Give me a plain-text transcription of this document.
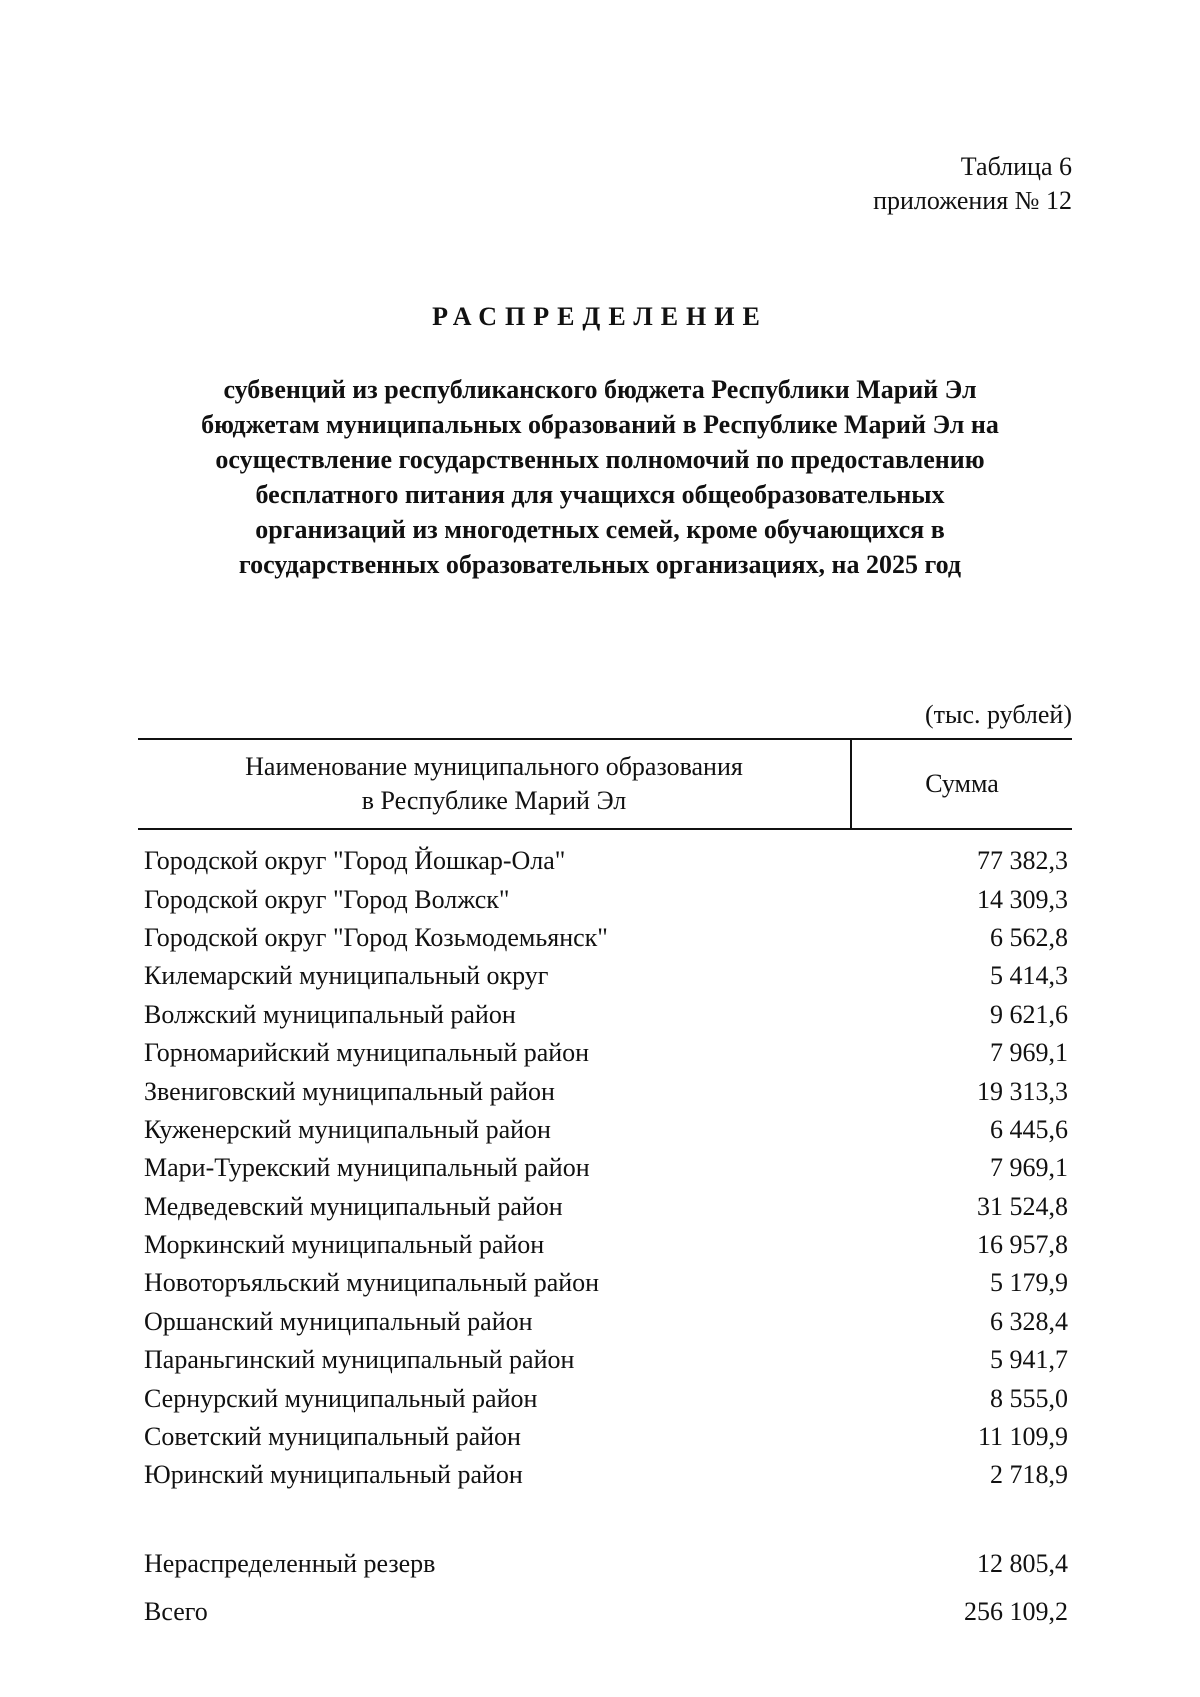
Таблица 6
приложения № 12
РАСПРЕДЕЛЕНИЕ
субвенций из республиканского бюджета Республики Марий Эл
бюджетам муниципальных образований в Республике Марий Эл на
осуществление государственных полномочий по предоставлению
бесплатного питания для учащихся общеобразовательных
организаций из многодетных семей, кроме обучающихся в
государственных образовательных организациях, на 2025 год
(тыс. рублей)
Наименование муниципального образования
в Республике Марий Эл
Сумма
Городской округ "Город Йошкар-Ола"	77 382,3
Городской округ "Город Волжск"	14 309,3
Городской округ "Город Козьмодемьянск"	6 562,8
Килемарский муниципальный округ	5 414,3
Волжский муниципальный район	9 621,6
Горномарийский муниципальный район	7 969,1
Звениговский муниципальный район	19 313,3
Куженерский муниципальный район	6 445,6
Мари-Турекский муниципальный район	7 969,1
Медведевский муниципальный район	31 524,8
Моркинский муниципальный район	16 957,8
Новоторъяльский муниципальный район	5 179,9
Оршанский муниципальный район	6 328,4
Параньгинский муниципальный район	5 941,7
Сернурский муниципальный район	8 555,0
Советский муниципальный район	11 109,9
Юринский муниципальный район	2 718,9
Нераспределенный резерв	12 805,4
Всего	256 109,2
